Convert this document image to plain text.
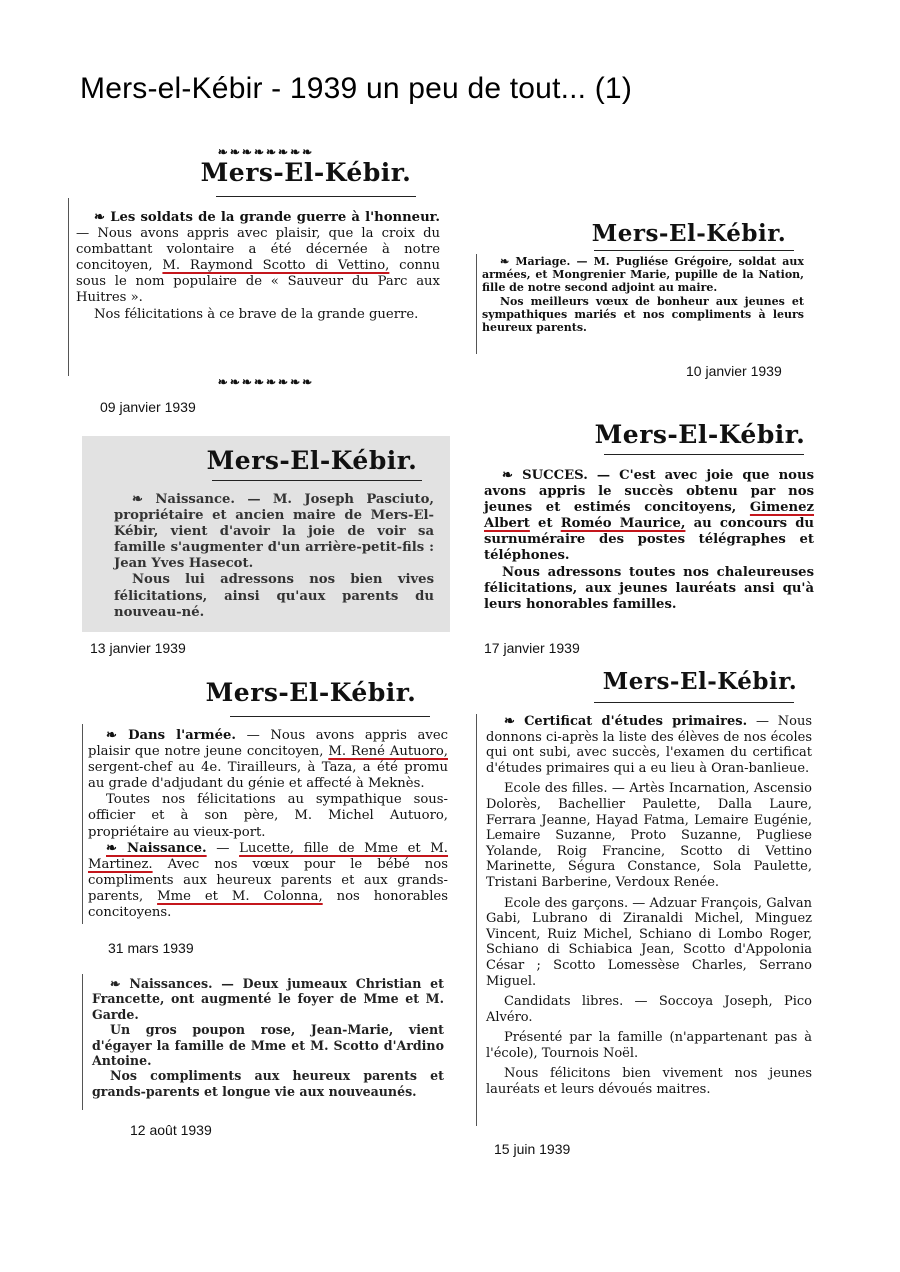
Mers-el-Kébir - 1939 un peu de tout... (1)
❧❧❧❧❧❧❧❧
Mers-El-Kébir.

❧ Les soldats de la grande guerre à l'honneur. — Nous avons appris avec plaisir, que la croix du combattant volontaire a été décernée à notre concitoyen, M. Raymond Scotto di Vettino, connu sous le nom populaire de « Sauveur du Parc aux Huitres ».

Nos félicitations à ce brave de la grande guerre.

❧❧❧❧❧❧❧❧
09 janvier 1939
Mers-El-Kébir.

❧ Mariage. — M. Pugliése Grégoire, soldat aux armées, et Mongrenier Marie, pupille de la Nation, fille de notre second adjoint au maire.

Nos meilleurs vœux de bonheur aux jeunes et sympathiques mariés et nos compliments à leurs heureux parents.

10 janvier 1939
Mers-El-Kébir.

❧ Naissance. — M. Joseph Pasciuto, propriétaire et ancien maire de Mers-El-Kébir, vient d'avoir la joie de voir sa famille s'augmenter d'un arrière-petit-fils : Jean Yves Hasecot.

Nous lui adressons nos bien vives félicitations, ainsi qu'aux parents du nouveau-né.

13 janvier 1939
Mers-El-Kébir.

❧ SUCCES. — C'est avec joie que nous avons appris le succès obtenu par nos jeunes et estimés concitoyens, Gimenez Albert et Roméo Maurice, au concours du surnuméraire des postes télégraphes et téléphones.

Nous adressons toutes nos chaleureuses félicitations, aux jeunes lauréats ansi qu'à leurs honorables familles.

17 janvier 1939
Mers-El-Kébir.

❧ Dans l'armée. — Nous avons appris avec plaisir que notre jeune concitoyen, M. René Autuoro, sergent-chef au 4e. Tirailleurs, à Taza, a été promu au grade d'adjudant du génie et affecté à Meknès.

Toutes nos félicitations au sympathique sous-officier et à son père, M. Michel Autuoro, propriétaire au vieux-port.

❧ Naissance. — Lucette, fille de Mme et M. Martinez. Avec nos vœux pour le bébé nos compliments aux heureux parents et aux grands-parents, Mme et M. Colonna, nos honorables concitoyens.

31 mars 1939
Mers-El-Kébir.

❧ Certificat d'études primaires. — Nous donnons ci-après la liste des élèves de nos écoles qui ont subi, avec succès, l'examen du certificat d'études primaires qui a eu lieu à Oran-banlieue.

Ecole des filles. — Artès Incarnation, Ascensio Dolorès, Bachellier Paulette, Dalla Laure, Ferrara Jeanne, Hayad Fatma, Lemaire Eugénie, Lemaire Suzanne, Proto Suzanne, Pugliese Yolande, Roig Francine, Scotto di Vettino Marinette, Ségura Constance, Sola Paulette, Tristani Barberine, Verdoux Renée.

Ecole des garçons. — Adzuar François, Galvan Gabi, Lubrano di Ziranaldi Michel, Minguez Vincent, Ruiz Michel, Schiano di Lombo Roger, Schiano di Schiabica Jean, Scotto d'Appolonia César ; Scotto Lomessèse Charles, Serrano Miguel.

Candidats libres. — Soccoya Joseph, Pico Alvéro.

Présenté par la famille (n'appartenant pas à l'école), Tournois Noël.

Nous félicitons bien vivement nos jeunes lauréats et leurs dévoués maitres.

15 juin 1939

❧ Naissances. — Deux jumeaux Christian et Francette, ont augmenté le foyer de Mme et M. Garde.

Un gros poupon rose, Jean-Marie, vient d'égayer la famille de Mme et M. Scotto d'Ardino Antoine.

Nos compliments aux heureux parents et grands-parents et longue vie aux nouveaunés.

12 août 1939
